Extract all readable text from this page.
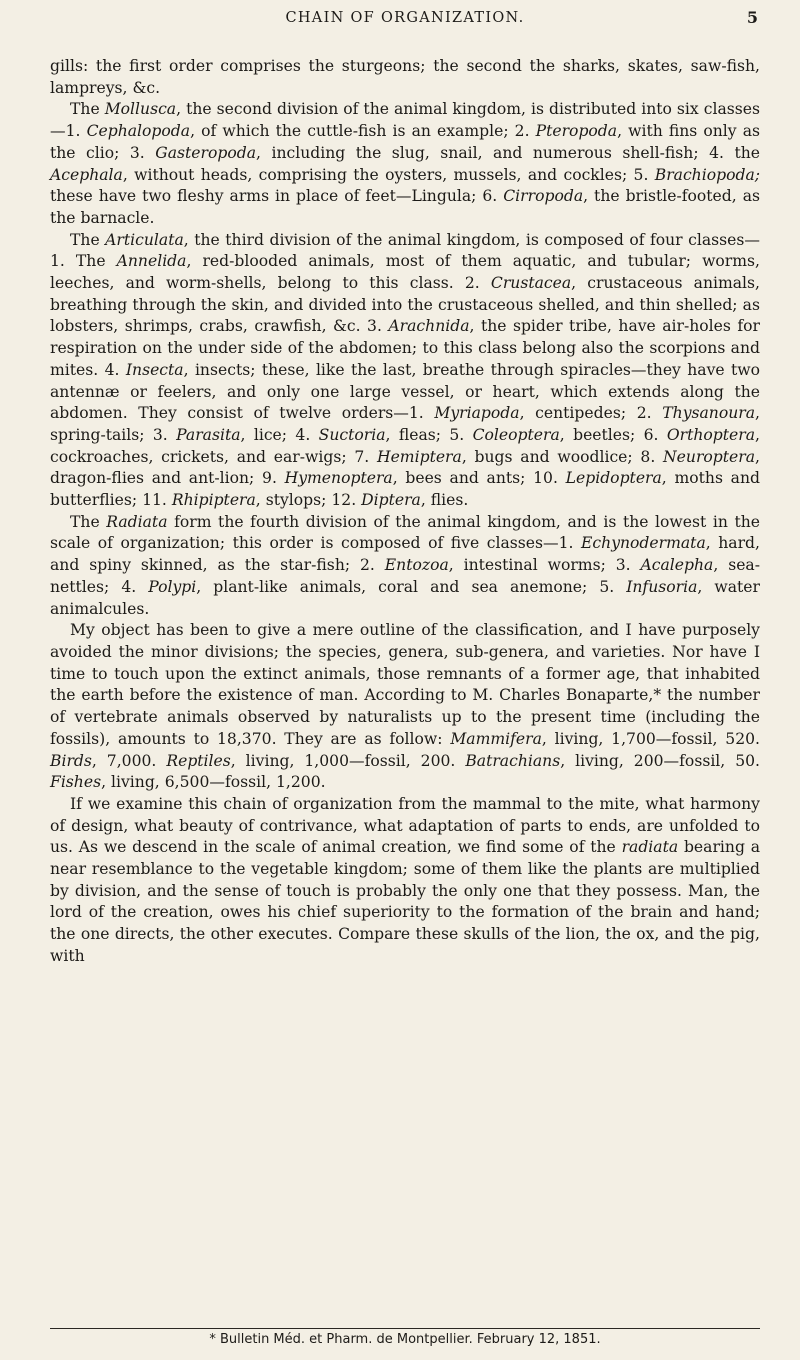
CHAIN OF ORGANIZATION.	5

gills: the first order comprises the sturgeons; the second the sharks, skates, saw-fish, lampreys, &c.

The Mollusca, the second division of the animal kingdom, is distributed into six classes—1. Cephalopoda, of which the cuttle-fish is an example; 2. Pteropoda, with fins only as the clio; 3. Gasteropoda, including the slug, snail, and numerous shell-fish; 4. the Acephala, without heads, comprising the oysters, mussels, and cockles; 5. Brachiopoda; these have two fleshy arms in place of feet—Lingula; 6. Cirropoda, the bristle-footed, as the barnacle.

The Articulata, the third division of the animal kingdom, is composed of four classes—1. The Annelida, red-blooded animals, most of them aquatic, and tubular; worms, leeches, and worm-shells, belong to this class. 2. Crustacea, crustaceous animals, breathing through the skin, and divided into the crustaceous shelled, and thin shelled; as lobsters, shrimps, crabs, crawfish, &c. 3. Arachnida, the spider tribe, have air-holes for respiration on the under side of the abdomen; to this class belong also the scorpions and mites. 4. Insecta, insects; these, like the last, breathe through spiracles—they have two antennæ or feelers, and only one large vessel, or heart, which extends along the abdomen. They consist of twelve orders—1. Myriapoda, centipedes; 2. Thysanoura, spring-tails; 3. Parasita, lice; 4. Suctoria, fleas; 5. Coleoptera, beetles; 6. Orthoptera, cockroaches, crickets, and ear-wigs; 7. Hemiptera, bugs and woodlice; 8. Neuroptera, dragon-flies and ant-lion; 9. Hymenoptera, bees and ants; 10. Lepidoptera, moths and butterflies; 11. Rhipiptera, stylops; 12. Diptera, flies.

The Radiata form the fourth division of the animal kingdom, and is the lowest in the scale of organization; this order is composed of five classes—1. Echynodermata, hard, and spiny skinned, as the star-fish; 2. Entozoa, intestinal worms; 3. Acalepha, sea-nettles; 4. Polypi, plant-like animals, coral and sea anemone; 5. Infusoria, water animalcules.

My object has been to give a mere outline of the classification, and I have purposely avoided the minor divisions; the species, genera, sub-genera, and varieties. Nor have I time to touch upon the extinct animals, those remnants of a former age, that inhabited the earth before the existence of man. According to M. Charles Bonaparte,* the number of vertebrate animals observed by naturalists up to the present time (including the fossils), amounts to 18,370. They are as follow: Mammifera, living, 1,700—fossil, 520. Birds, 7,000. Reptiles, living, 1,000—fossil, 200. Batrachians, living, 200—fossil, 50. Fishes, living, 6,500—fossil, 1,200.

If we examine this chain of organization from the mammal to the mite, what harmony of design, what beauty of contrivance, what adaptation of parts to ends, are unfolded to us. As we descend in the scale of animal creation, we find some of the radiata bearing a near resemblance to the vegetable kingdom; some of them like the plants are multiplied by division, and the sense of touch is probably the only one that they possess. Man, the lord of the creation, owes his chief superiority to the formation of the brain and hand; the one directs, the other executes. Compare these skulls of the lion, the ox, and the pig, with

* Bulletin Méd. et Pharm. de Montpellier. February 12, 1851.
